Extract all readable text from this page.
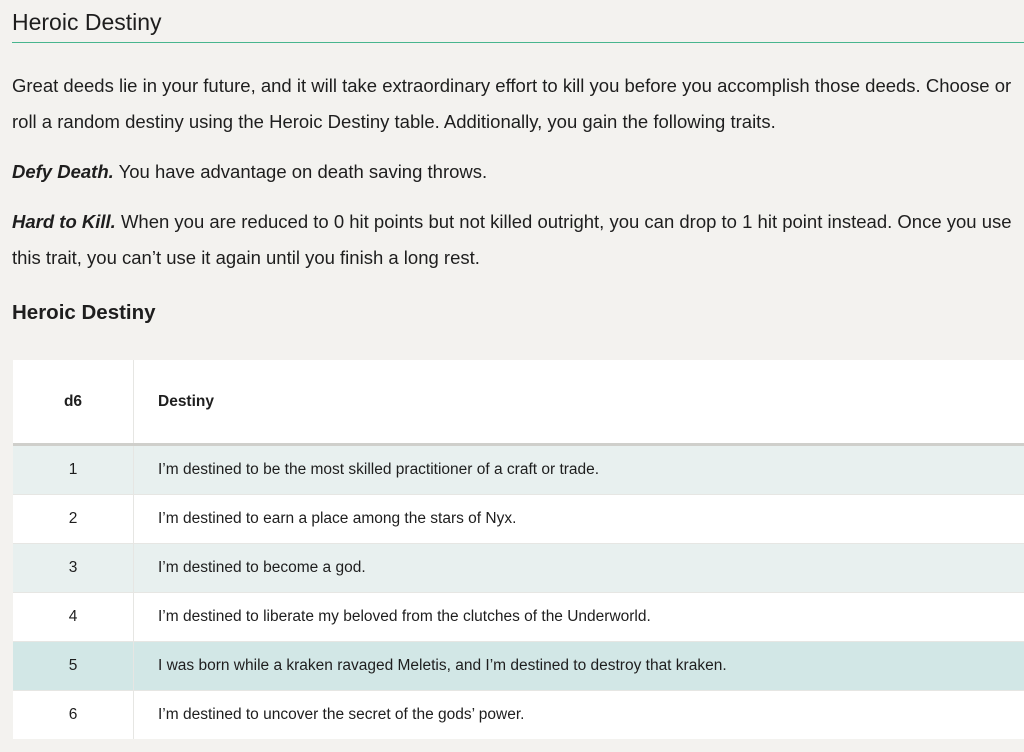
Heroic Destiny

Great deeds lie in your future, and it will take extraordinary effort to kill you before you accomplish those deeds. Choose or roll a random destiny using the Heroic Destiny table. Additionally, you gain the following traits.

Defy Death. You have advantage on death saving throws.

Hard to Kill. When you are reduced to 0 hit points but not killed outright, you can drop to 1 hit point instead. Once you use this trait, you can’t use it again until you finish a long rest.

Heroic Destiny
d6	Destiny
1	I’m destined to be the most skilled practitioner of a craft or trade.
2	I’m destined to earn a place among the stars of Nyx.
3	I’m destined to become a god.
4	I’m destined to liberate my beloved from the clutches of the Underworld.
5	I was born while a kraken ravaged Meletis, and I’m destined to destroy that kraken.
6	I’m destined to uncover the secret of the gods’ power.
